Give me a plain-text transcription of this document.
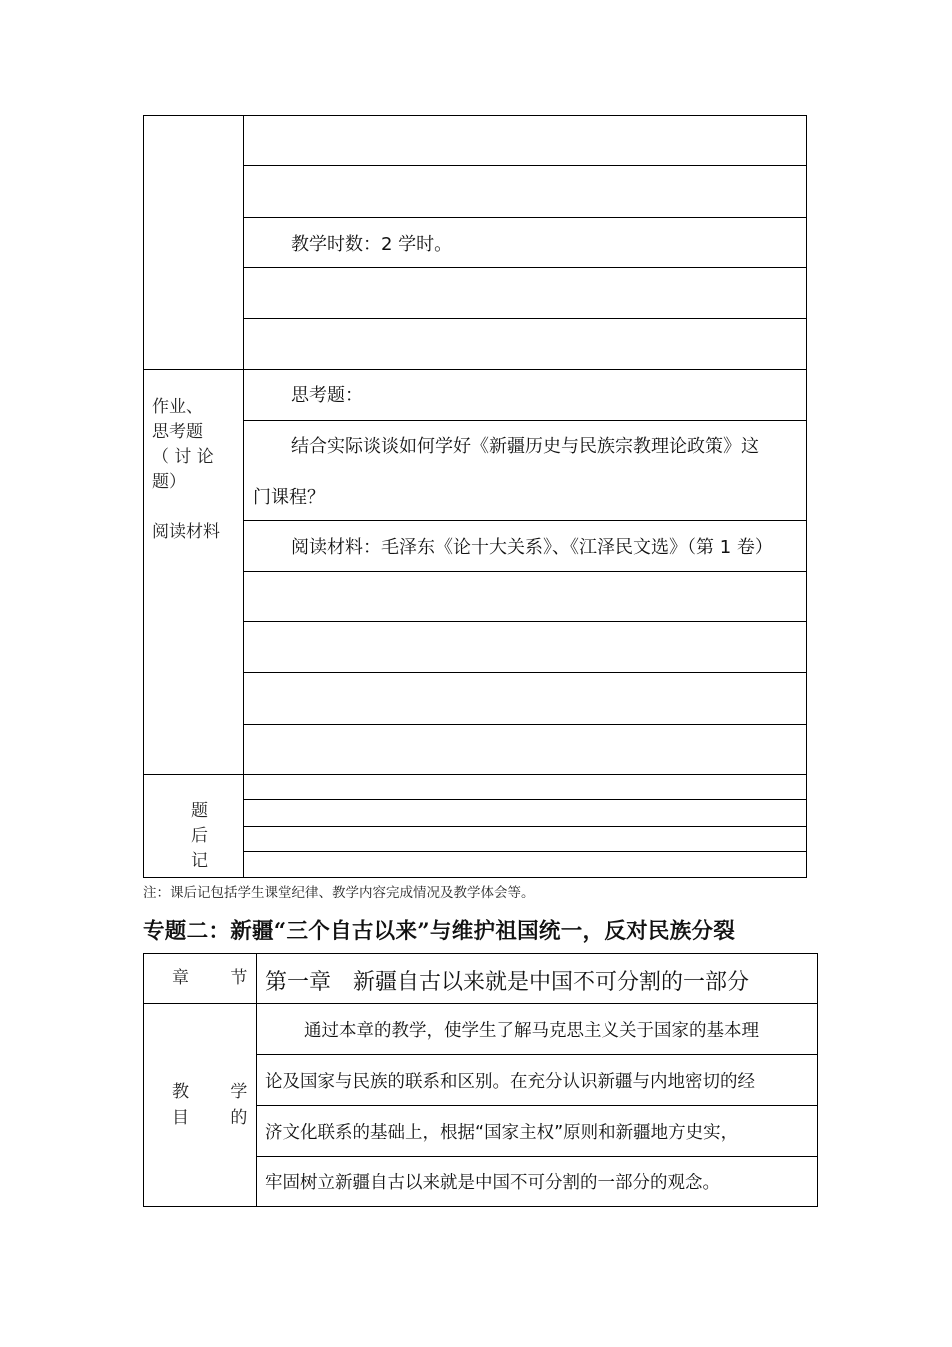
教学时数：2 学时。
思考题：
结合实际谈谈如何学好《新疆历史与民族宗教理论政策》这
门课程？
阅读材料：毛泽东《论十大关系》、《江泽民文选》（第 1 卷）
作业、
思考题
（ 讨 论
题）
阅读材料
题
后
记
注：课后记包括学生课堂纪律、教学内容完成情况及教学体会等。
专题二：新疆“三个自古以来”与维护祖国统一，反对民族分裂
章 节 第一章　新疆自古以来就是中国不可分割的一部分
教 学
目 的
通过本章的教学，使学生了解马克思主义关于国家的基本理
论及国家与民族的联系和区别。在充分认识新疆与内地密切的经
济文化联系的基础上，根据“国家主权”原则和新疆地方史实，
牢固树立新疆自古以来就是中国不可分割的一部分的观念。
